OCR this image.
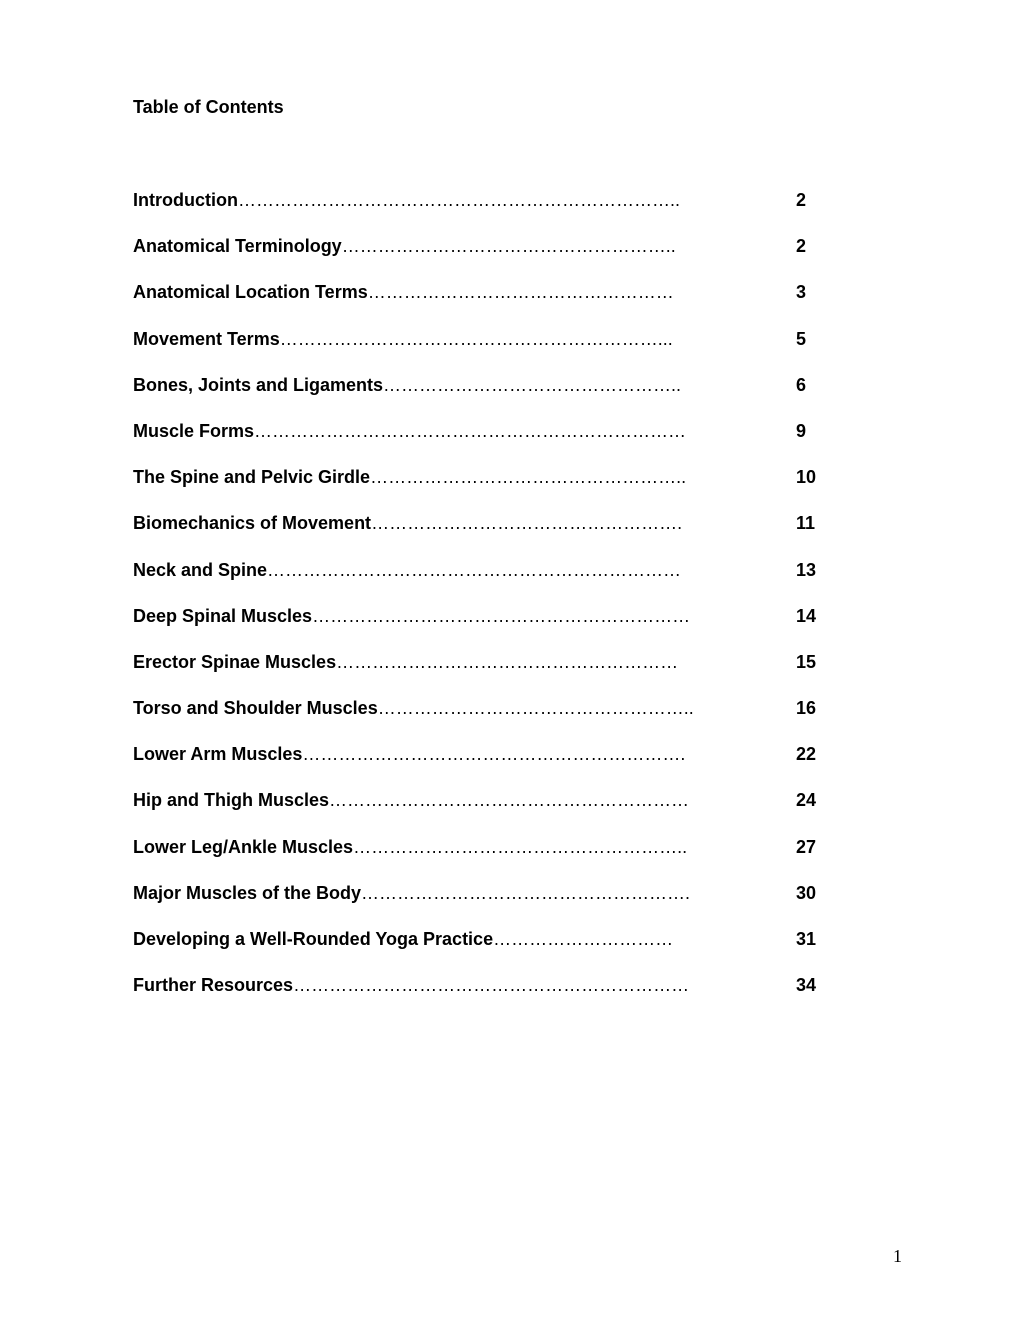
Table of Contents
Introduction………………………………………………………………..	2
Anatomical Terminology………………………………………………..	2
Anatomical Location Terms……………………………………………	3
Movement Terms………………………………………………………...	5
Bones, Joints and Ligaments…………………………………………..	6
Muscle Forms………………………………………………………………	9
The Spine and Pelvic Girdle……………………………………………..	10
Biomechanics of Movement…………………………………………….	11
Neck and Spine……………………………………………………………	13
Deep Spinal Muscles………………………………………………………	14
Erector Spinae Muscles…………………………………………………	15
Torso and Shoulder Muscles……………………………………………..	16
Lower Arm Muscles……………………………………………………….	22
Hip and Thigh Muscles……………………………………………………	24
Lower Leg/Ankle Muscles………………………………………………..	27
Major Muscles of the Body……………………………………………….	30
Developing a Well-Rounded Yoga Practice…………………………	31
Further Resources…………………………………………………………	34
1
